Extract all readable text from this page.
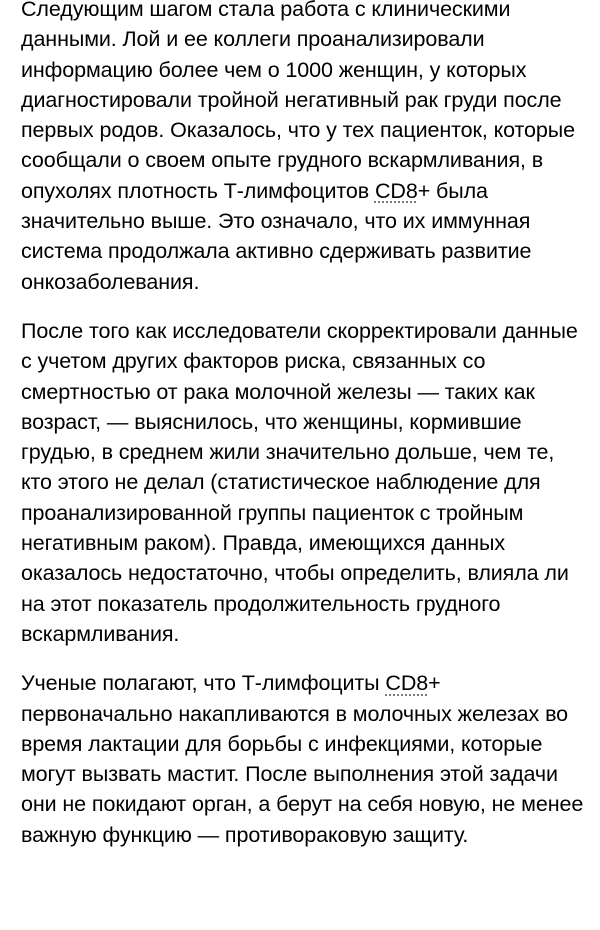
Следующим шагом стала работа с клиническими данными. Лой и ее коллеги проанализировали информацию более чем о 1000 женщин, у которых диагностировали тройной негативный рак груди после первых родов. Оказалось, что у тех пациенток, которые сообщали о своем опыте грудного вскармливания, в опухолях плотность Т-лимфоцитов CD8+ была значительно выше. Это означало, что их иммунная система продолжала активно сдерживать развитие онкозаболевания.

После того как исследователи скорректировали данные с учетом других факторов риска, связанных со смертностью от рака молочной железы — таких как возраст, — выяснилось, что женщины, кормившие грудью, в среднем жили значительно дольше, чем те, кто этого не делал (статистическое наблюдение для проанализированной группы пациенток с тройным негативным раком). Правда, имеющихся данных оказалось недостаточно, чтобы определить, влияла ли на этот показатель продолжительность грудного вскармливания.

Ученые полагают, что Т-лимфоциты CD8+ первоначально накапливаются в молочных железах во время лактации для борьбы с инфекциями, которые могут вызвать мастит. После выполнения этой задачи они не покидают орган, а берут на себя новую, не менее важную функцию — противораковую защиту.
